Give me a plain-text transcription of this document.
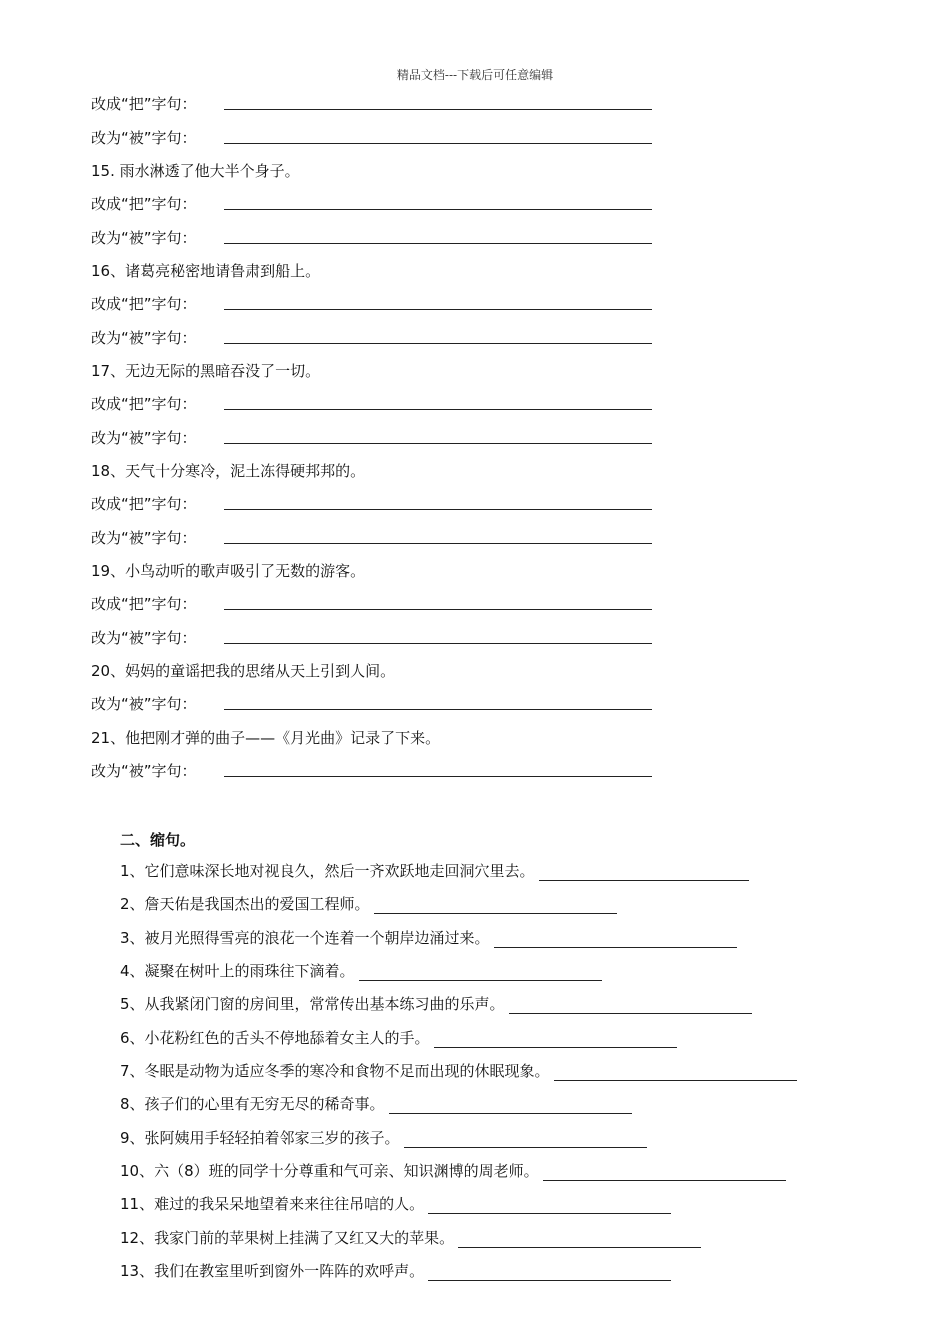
精品文档---下载后可任意编辑
改成“把”字句：
改为“被”字句：
15. 雨水淋透了他大半个身子。
改成“把”字句：
改为“被”字句：
16、诸葛亮秘密地请鲁肃到船上。
改成“把”字句：
改为“被”字句：
17、无边无际的黑暗吞没了一切。
改成“把”字句：
改为“被”字句：
18、天气十分寒冷，泥土冻得硬邦邦的。
改成“把”字句：
改为“被”字句：
19、小鸟动听的歌声吸引了无数的游客。
改成“把”字句：
改为“被”字句：
20、妈妈的童谣把我的思绪从天上引到人间。
改为“被”字句：
21、他把刚才弹的曲子——《月光曲》记录了下来。
改为“被”字句：
二、缩句。
1、它们意味深长地对视良久，然后一齐欢跃地走回洞穴里去。
2、詹天佑是我国杰出的爱国工程师。
3、被月光照得雪亮的浪花一个连着一个朝岸边涌过来。
4、凝聚在树叶上的雨珠往下滴着。
5、从我紧闭门窗的房间里，常常传出基本练习曲的乐声。
6、小花粉红色的舌头不停地舔着女主人的手。
7、冬眠是动物为适应冬季的寒冷和食物不足而出现的休眠现象。
8、孩子们的心里有无穷无尽的稀奇事。
9、张阿姨用手轻轻拍着邻家三岁的孩子。
10、六（8）班的同学十分尊重和气可亲、知识渊博的周老师。
11、难过的我呆呆地望着来来往往吊唁的人。
12、我家门前的苹果树上挂满了又红又大的苹果。
13、我们在教室里听到窗外一阵阵的欢呼声。
